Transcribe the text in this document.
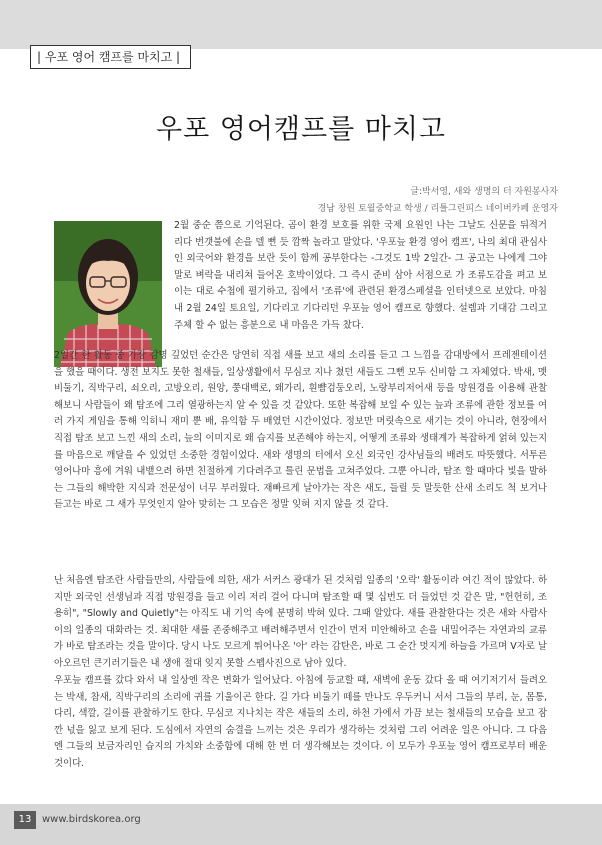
| 우포 영어 캠프를 마치고 |
우포 영어캠프를 마치고
글:박서영, 새와 생명의 터 자원봉사자
경남 창원 토월중학교 학생 / 리틀그린피스 네이버카페 운영자

2월 중순 쯤으로 기억된다. 곰이 환경 보호를 위한 국제 요원인 나는 그날도 신문을 뒤적거리다 번갯불에 손을 델 뻔 듯 깜짝 놀라고 말았다. '우포늪 환경 영어 캠프', 나의 최대 관심사인 외국어와 환경을 보란 듯이 함께 공부한다는 -그것도 1박 2일간- 그 공고는 나에게 그야말로 벼락을 내리쳐 들어온 호박이었다. 그 즉시 준비 삼아 서점으로 가 조류도감을 펴고 보이는 대로 수첩에 펼기하고, 집에서 '조류'에 관련된 환경스페셜을 인터넷으로 보았다. 마침내 2월 24일 토요일, 기다리고 기다리던 우포늪 영어 캠프로 향했다. 설렘과 기대감 그리고 주체 할 수 없는 흥분으로 내 마음은 가득 찼다.

2일간 한 활동 중 가장 감명 깊었던 순간은 당연히 직접 새를 보고 새의 소리를 듣고 그 느낌을 감대방에서 프레젠테이션을 했을 때이다. 생전 보지도 못한 철새들, 일상생활에서 무심코 지나 쳤던 새들도 그뻔 모두 신비함 그 자체였다. 박새, 멧비둘기, 직박구리, 쇠오리, 고방오리, 원앙, 쭝대백로, 왜가리, 흰뺨검둥오리, 노랑부리저어새 등을 망원경을 이용해 관찰해보니 사람들이 왜 탐조에 그리 열광하는지 알 수 있을 것 같았다. 또한 복잡해 보일 수 있는 늪과 조류에 관한 정보를 여러 가지 게임을 통해 익히니 재미 뿐 배, 유익함 두 배였던 시간이었다. 정보만 머릿속으로 새기는 것이 아니라, 현장에서 직접 탐조 보고 느낀 새의 소리, 늪의 이미지로 왜 습지를 보존해야 하는지, 어떻게 조류와 생태계가 복잡하게 얽혀 있는지를 마음으로 깨달을 수 있었던 소중한 경험이었다. 새와 생명의 터에서 오신 외국인 강사님들의 배려도 따뜻했다. 서투른 영어나마 흥에 겨워 내뱉으려 하면 친절하게 기다려주고 틀린 문법을 고쳐주었다. 그뿐 아니라, 탐조 할 때마다 빛을 발하는 그들의 해박한 지식과 전문성이 너무 부러웠다. 재빠르게 날아가는 작은 새도, 들릴 듯 말듯한 산새 소리도 척 보거나 듣고는 바로 그 새가 무엇인지 알아 맞히는 그 모습은 정말 잊혀 지지 않을 것 같다.

난 처음엔 탐조란 사람들만의, 사람들에 의한, 새가 서커스 광대가 된 것처럼 일종의 '오락' 활동이라 여긴 적이 많았다. 하지만 외국인 선생님과 직접 망원경을 들고 이리 저리 걸어 다니며 탐조할 때 몇 십번도 더 들었던 것 같은 말, "헌헌히, 조용히", "Slowly and Quietly"는 아직도 내 기억 속에 분명히 박혀 있다. 그때 알았다. 새를 관찰한다는 것은 새와 사람사이의 일종의 대화라는 것. 최대한 새를 존중해주고 배려해주면서 인간이 먼저 미안해하고 손을 내밀어주는 자연과의 교류가 바로 탐조라는 것을 말이다. 당시 나도 모르게 튀어나온 '아' 라는 감탄은, 바로 그 순간 멋지게 하늘을 가르며 V자로 날아오르던 큰기러기들은 내 생애 절대 잊지 못할 스펩사진으로 남아 있다.

우포늪 캠프를 갔다 와서 내 일상엔 작은 변화가 일어났다. 아침에 등교할 때, 새벽에 운동 갔다 올 때 여기저기서 들려오는 박새, 참새, 직박구리의 소리에 귀를 기울이곤 한다. 길 가다 비둘기 떼를 만나도 우두커니 서서 그들의 부리, 눈, 몸통, 다리, 색깔, 길이를 관찰하기도 한다. 무심코 지나치는 작은 새들의 소리, 하천 가에서 가끔 보는 철새들의 모습을 보고 잠깐 넋을 잃고 보게 된다. 도심에서 자연의 숨결을 느끼는 것은 우리가 생각하는 것처럼 그리 어려운 일은 아니다. 그 다음엔 그들의 보금자리인 습지의 가치와 소중함에 대해 한 번 더 생각해보는 것이다. 이 모두가 우포늪 영어 캠프로부터 배운 것이다.

13	www.birdskorea.org
